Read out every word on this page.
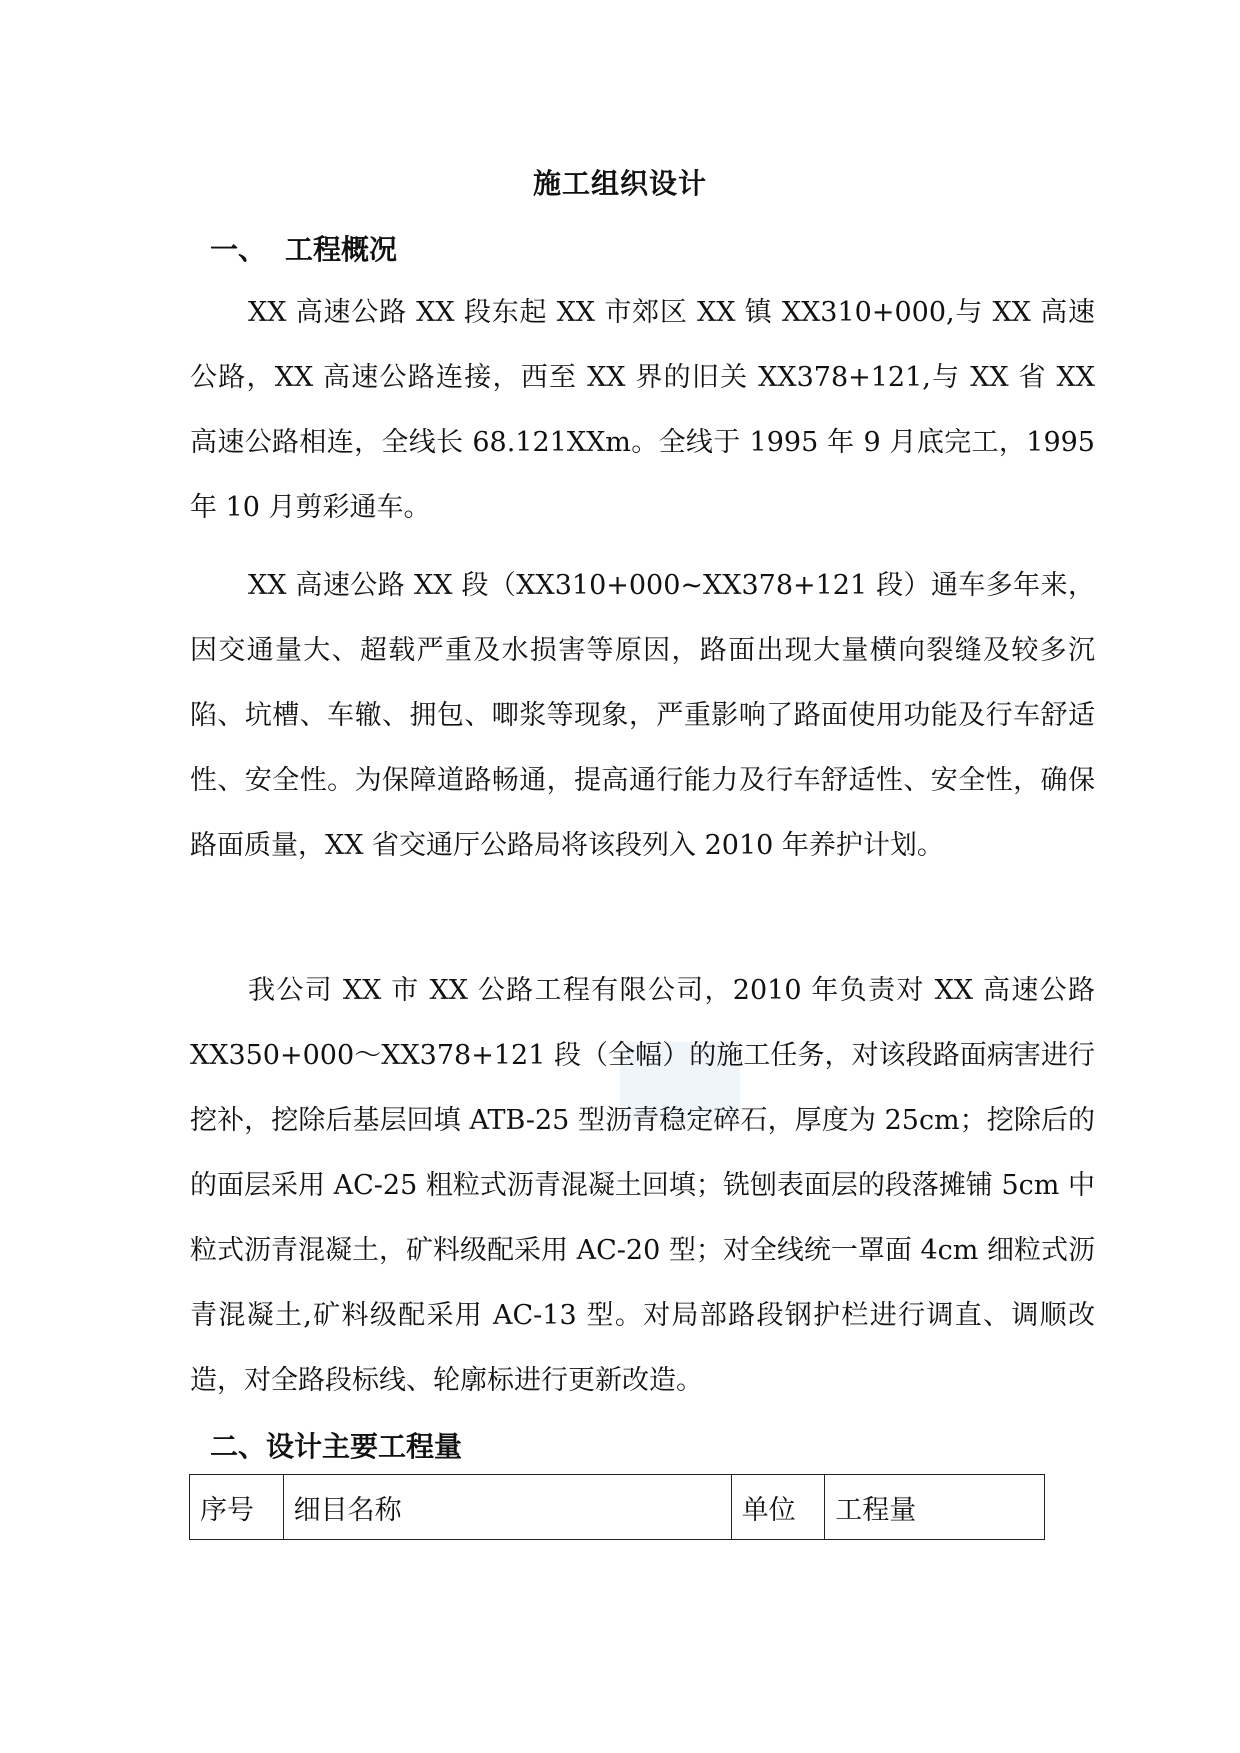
施工组织设计
一、 工程概况

XX 高速公路 XX 段东起 XX 市郊区 XX 镇 XX310+000,与 XX 高速公路，XX 高速公路连接，西至 XX 界的旧关 XX378+121,与 XX 省 XX 高速公路相连，全线长 68.121XXm。全线于 1995 年 9 月底完工，1995 年 10 月剪彩通车。

XX 高速公路 XX 段（XX310+000~XX378+121 段）通车多年来，因交通量大、超载严重及水损害等原因，路面出现大量横向裂缝及较多沉陷、坑槽、车辙、拥包、唧浆等现象，严重影响了路面使用功能及行车舒适性、安全性。为保障道路畅通，提高通行能力及行车舒适性、安全性，确保路面质量，XX 省交通厅公路局将该段列入 2010 年养护计划。

我公司 XX 市 XX 公路工程有限公司，2010 年负责对 XX 高速公路 XX350+000～XX378+121 段（全幅）的施工任务，对该段路面病害进行挖补，挖除后基层回填 ATB-25 型沥青稳定碎石，厚度为 25cm；挖除后的的面层采用 AC-25 粗粒式沥青混凝土回填；铣刨表面层的段落摊铺 5cm 中粒式沥青混凝土，矿料级配采用 AC-20 型；对全线统一罩面 4cm 细粒式沥青混凝土,矿料级配采用 AC-13 型。对局部路段钢护栏进行调直、调顺改造，对全路段标线、轮廓标进行更新改造。

二、设计主要工程量
序号	细目名称	单位	工程量
